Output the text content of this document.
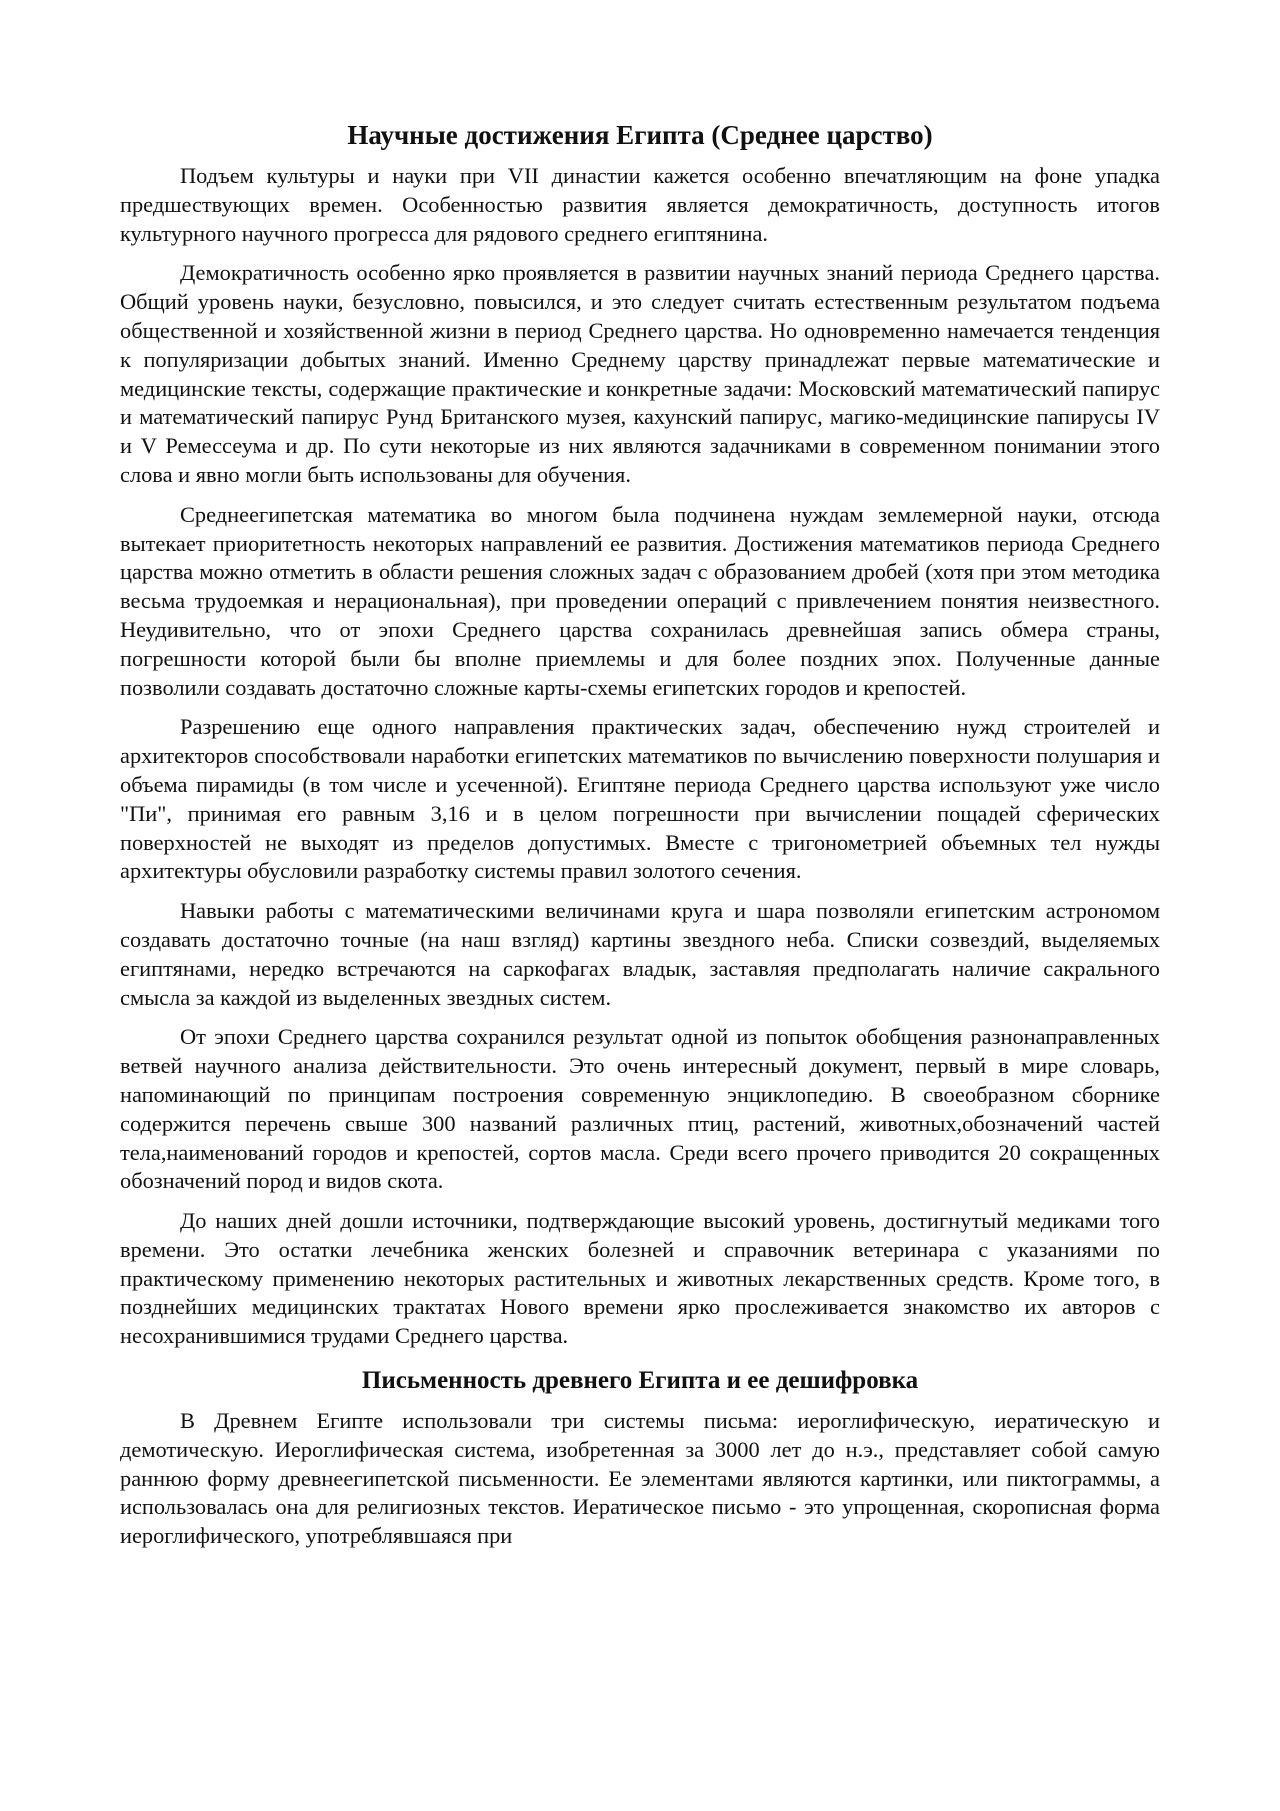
Научные достижения Египта (Среднее царство)

Подъем культуры и науки при VII династии кажется особенно впечатляющим на фоне упадка предшествующих времен. Особенностью развития является демократичность, доступность итогов культурного научного прогресса для рядового среднего египтянина.

Демократичность особенно ярко проявляется в развитии научных знаний периода Среднего царства. Общий уровень науки, безусловно, повысился, и это следует считать естественным результатом подъема общественной и хозяйственной жизни в период Среднего царства. Но одновременно намечается тенденция к популяризации добытых знаний. Именно Среднему царству принадлежат первые математические и медицинские тексты, содержащие практические и конкретные задачи: Московский математический папирус и математический папирус Рунд Британского музея, кахунский папирус, магико-медицинские папирусы IV и V Ремессеума и др. По сути некоторые из них являются задачниками в современном понимании этого слова и явно могли быть использованы для обучения.

Среднеегипетская математика во многом была подчинена нуждам землемерной науки, отсюда вытекает приоритетность некоторых направлений ее развития. Достижения математиков периода Среднего царства можно отметить в области решения сложных задач с образованием дробей (хотя при этом методика весьма трудоемкая и нерациональная), при проведении операций с привлечением понятия неизвестного. Неудивительно, что от эпохи Среднего царства сохранилась древнейшая запись обмера страны, погрешности которой были бы вполне приемлемы и для более поздних эпох. Полученные данные позволили создавать достаточно сложные карты-схемы египетских городов и крепостей.

Разрешению еще одного направления практических задач, обеспечению нужд строителей и архитекторов способствовали наработки египетских математиков по вычислению поверхности полушария и объема пирамиды (в том числе и усеченной). Египтяне периода Среднего царства используют уже число "Пи", принимая его равным 3,16 и в целом погрешности при вычислении пощадей сферических поверхностей не выходят из пределов допустимых. Вместе с тригонометрией объемных тел нужды архитектуры обусловили разработку системы правил золотого сечения.

Навыки работы с математическими величинами круга и шара позволяли египетским астрономом создавать достаточно точные (на наш взгляд) картины звездного неба. Списки созвездий, выделяемых египтянами, нередко встречаются на саркофагах владык, заставляя предполагать наличие сакрального смысла за каждой из выделенных звездных систем.

От эпохи Среднего царства сохранился результат одной из попыток обобщения разнонаправленных ветвей научного анализа действительности. Это очень интересный документ, первый в мире словарь, напоминающий по принципам построения современную энциклопедию. В своеобразном сборнике содержится перечень свыше 300 названий различных птиц, растений, животных,обозначений частей тела,наименований городов и крепостей, сортов масла. Среди всего прочего приводится 20 сокращенных обозначений пород и видов скота.

До наших дней дошли источники, подтверждающие высокий уровень, достигнутый медиками того времени. Это остатки лечебника женских болезней и справочник ветеринара с указаниями по практическому применению некоторых растительных и животных лекарственных средств. Кроме того, в позднейших медицинских трактатах Нового времени ярко прослеживается знакомство их авторов с несохранившимися трудами Среднего царства.

Письменность древнего Египта и ее дешифровка

В Древнем Египте использовали три системы письма: иероглифическую, иератическую и демотическую. Иероглифическая система, изобретенная за 3000 лет до н.э., представляет собой самую раннюю форму древнеегипетской письменности. Ее элементами являются картинки, или пиктограммы, а использовалась она для религиозных текстов. Иератическое письмо - это упрощенная, скорописная форма иероглифического, употреблявшаяся при
